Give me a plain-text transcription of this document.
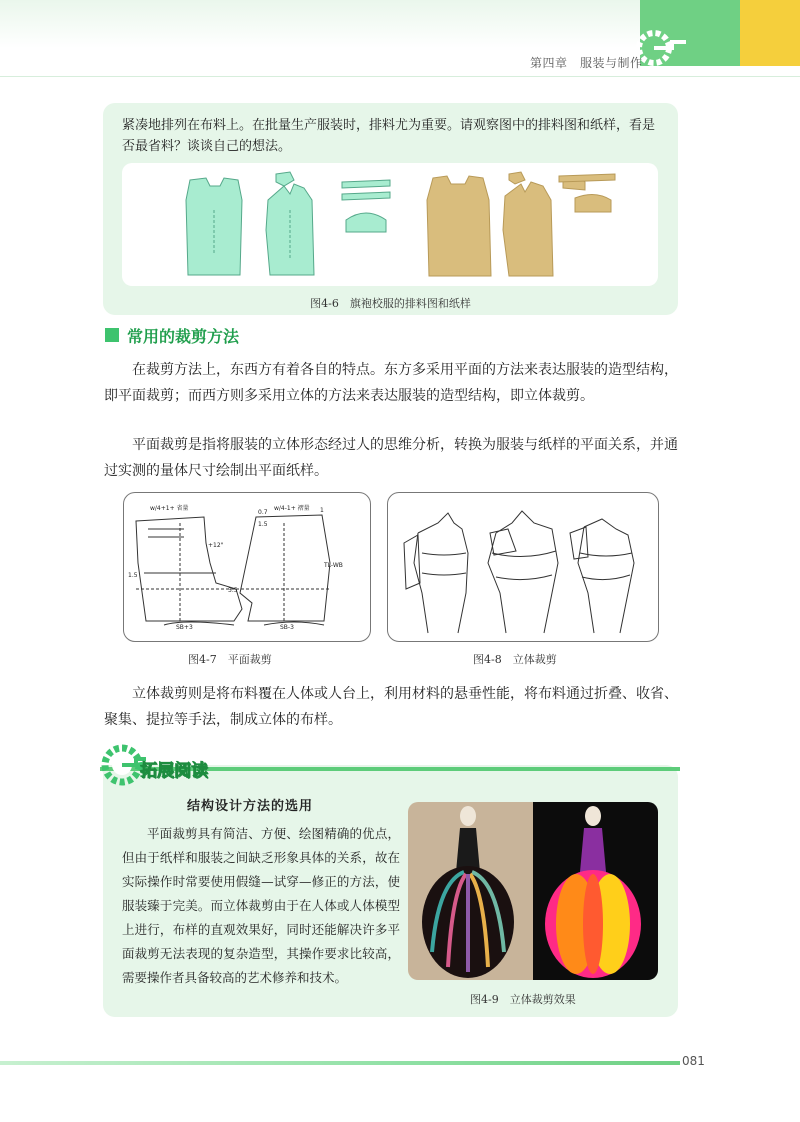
第四章　服装与制作
紧凑地排列在布料上。在批量生产服装时，排料尤为重要。请观察图中的排料图和纸样，看是否最省料？谈谈自己的想法。
图4-6　旗袍校服的排料图和纸样
常用的裁剪方法
在裁剪方法上，东西方有着各自的特点。东方多采用平面的方法来表达服装的造型结构，即平面裁剪；而西方则多采用立体的方法来表达服装的造型结构，即立体裁剪。
平面裁剪是指将服装的立体形态经过人的思维分析，转换为服装与纸样的平面关系，并通过实测的量体尺寸绘制出平面纸样。
w/4+1+ 省量	w/4-1+ 褶量
0.7	1
1.5
+12"
TL-WB
1.5
3.5
SB+3	SB-3
图4-7　平面裁剪	图4-8　立体裁剪
立体裁剪则是将布料覆在人体或人台上，利用材料的悬垂性能，将布料通过折叠、收省、聚集、提拉等手法，制成立体的布样。
拓展阅读
结构设计方法的选用
平面裁剪具有简洁、方便、绘图精确的优点，但由于纸样和服装之间缺乏形象具体的关系，故在实际操作时常要使用假缝—试穿—修正的方法，使服装臻于完美。而立体裁剪由于在人体或人体模型上进行，布样的直观效果好，同时还能解决许多平面裁剪无法表现的复杂造型，其操作要求比较高，需要操作者具备较高的艺术修养和技术。
图4-9　立体裁剪效果
081
